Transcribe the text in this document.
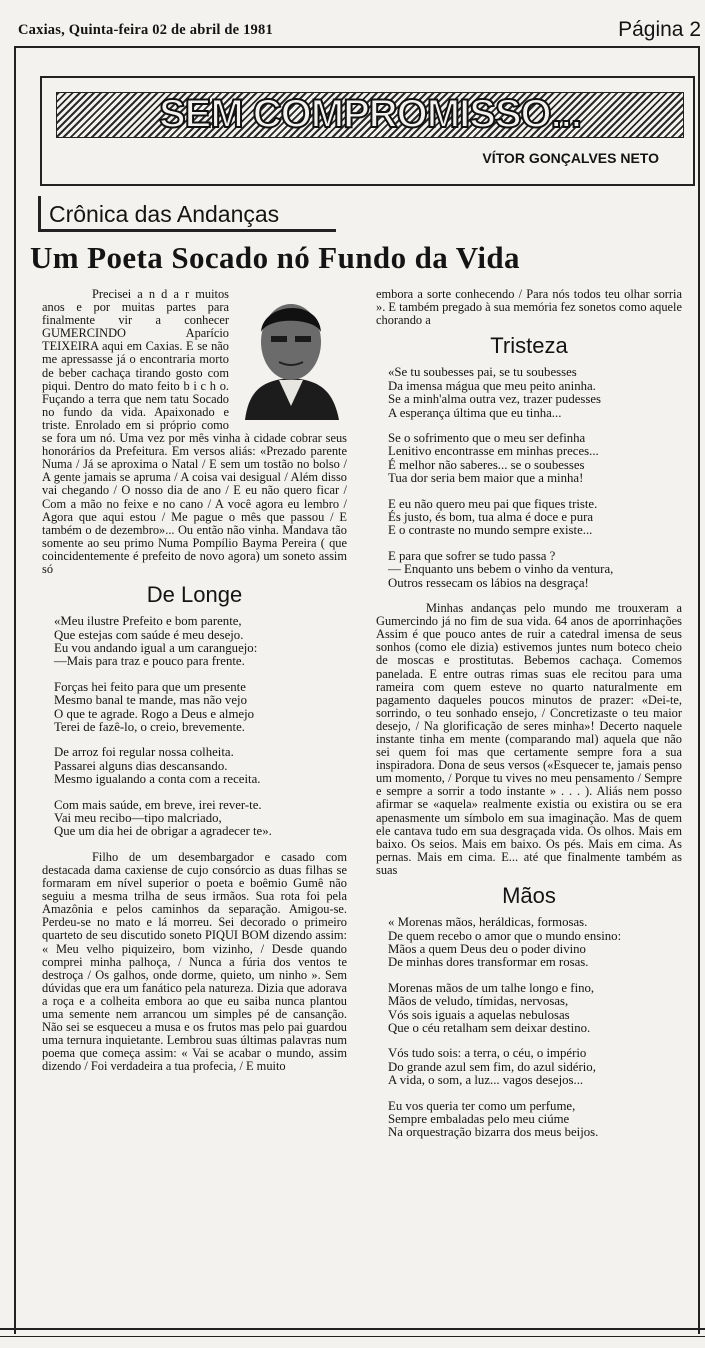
Caxias, Quinta-feira 02 de abril de 1981	Página 2
SEM COMPROMISSO...
VÍTOR GONÇALVES NETO
Crônica das Andanças
Um Poeta Socado nó Fundo da Vida

Precisei a n d a r muitos anos e por muitas partes para finalmente vir a conhecer GUMERCINDO Aparício TEIXEIRA aqui em Caxias. E se não me apressasse já o encontraria morto de beber cachaça tirando gosto com piqui. Dentro do mato feito b i c h o. Fuçando a terra que nem tatu Socado no fundo da vida. Apaixonado e triste. Enrolado em si próprio como se fora um nó. Uma vez por mês vinha à cidade cobrar seus honorários da Prefeitura. Em versos aliás: «Prezado parente Numa / Já se aproxima o Natal / E sem um tostão no bolso / A gente jamais se apruma / A coisa vai desigual / Além disso vai chegando / O nosso dia de ano / E eu não quero ficar / Com a mão no feixe e no cano / A você agora eu lembro / Agora que aqui estou / Me pague o mês que passou / E também o de dezembro»... Ou então não vinha. Mandava tão somente ao seu primo Numa Pompílio Bayma Pereira ( que coincidentemente é prefeito de novo agora) um soneto assim só

De Longe
«Meu ilustre Prefeito e bom parente,
Que estejas com saúde é meu desejo.
Eu vou andando igual a um caranguejo:
—Mais para traz e pouco para frente.
Forças hei feito para que um presente
Mesmo banal te mande, mas não vejo
O que te agrade. Rogo a Deus e almejo
Terei de fazê-lo, o creio, brevemente.
De arroz foi regular nossa colheita.
Passarei alguns dias descansando.
Mesmo igualando a conta com a receita.
Com mais saúde, em breve, irei rever-te.
Vai meu recibo—tipo malcriado,
Que um dia hei de obrigar a agradecer te».

Filho de um desembargador e casado com destacada dama caxiense de cujo consórcio as duas filhas se formaram em nível superior o poeta e boêmio Gumê não seguiu a mesma trilha de seus irmãos. Sua rota foi pela Amazônia e pelos caminhos da separação. Amigou-se. Perdeu-se no mato e lá morreu. Sei decorado o primeiro quarteto de seu discutido soneto PIQUI BOM dizendo assim: « Meu velho piquizeiro, bom vizinho, / Desde quando comprei minha palhoça, / Nunca a fúria dos ventos te destroça / Os galhos, onde dorme, quieto, um ninho ». Sem dúvidas que era um fanático pela natureza. Dizia que adorava a roça e a colheita embora ao que eu saiba nunca plantou uma semente nem arrancou um simples pé de cansanção. Não sei se esqueceu a musa e os frutos mas pelo pai guardou uma ternura inquietante. Lembrou suas últimas palavras num poema que começa assim: « Vai se acabar o mundo, assim dizendo / Foi verdadeira a tua profecia, / E muito

embora a sorte conhecendo / Para nós todos teu olhar sorria ». E também pregado à sua memória fez sonetos como aquele chorando a

Tristeza
«Se tu soubesses pai, se tu soubesses
Da imensa mágua que meu peito aninha.
Se a minh'alma outra vez, trazer pudesses
A esperança última que eu tinha...
Se o sofrimento que o meu ser definha
Lenitivo encontrasse em minhas preces...
É melhor não saberes... se o soubesses
Tua dor seria bem maior que a minha!
E eu não quero meu pai que fiques triste.
És justo, és bom, tua alma é doce e pura
E o contraste no mundo sempre existe...
E para que sofrer se tudo passa ?
— Enquanto uns bebem o vinho da ventura,
Outros ressecam os lábios na desgraça!

Minhas andanças pelo mundo me trouxeram a Gumercindo já no fim de sua vida. 64 anos de aporrinhações Assim é que pouco antes de ruir a catedral imensa de seus sonhos (como ele dizia) estivemos juntes num boteco cheio de moscas e prostitutas. Bebemos cachaça. Comemos panelada. E entre outras rimas suas ele recitou para uma rameira com quem esteve no quarto naturalmente em pagamento daqueles poucos minutos de prazer: «Dei-te, sorrindo, o teu sonhado ensejo, / Concretizaste o teu maior desejo, / Na glorificação de seres minha»! Decerto naquele instante tinha em mente (comparando mal) aquela que não sei quem foi mas que certamente sempre fora a sua inspiradora. Dona de seus versos («Esquecer te, jamais penso um momento, / Porque tu vives no meu pensamento / Sempre e sempre a sorrir a todo instante » . . . ). Aliás nem posso afirmar se «aquela» realmente existia ou existira ou se era apenasmente um símbolo em sua imaginação. Mas de quem ele cantava tudo em sua desgraçada vida. Os olhos. Mais em baixo. Os seios. Mais em baixo. Os pés. Mais em cima. As pernas. Mais em cima. E... até que finalmente também as suas

Mãos
« Morenas mãos, heráldicas, formosas.
De quem recebo o amor que o mundo ensino:
Mãos a quem Deus deu o poder divino
De minhas dores transformar em rosas.
Morenas mãos de um talhe longo e fino,
Mãos de veludo, tímidas, nervosas,
Vós sois iguais a aquelas nebulosas
Que o céu retalham sem deixar destino.
Vós tudo sois: a terra, o céu, o império
Do grande azul sem fim, do azul sidério,
A vida, o som, a luz... vagos desejos...
Eu vos queria ter como um perfume,
Sempre embaladas pelo meu ciúme
Na orquestração bizarra dos meus beijos.
